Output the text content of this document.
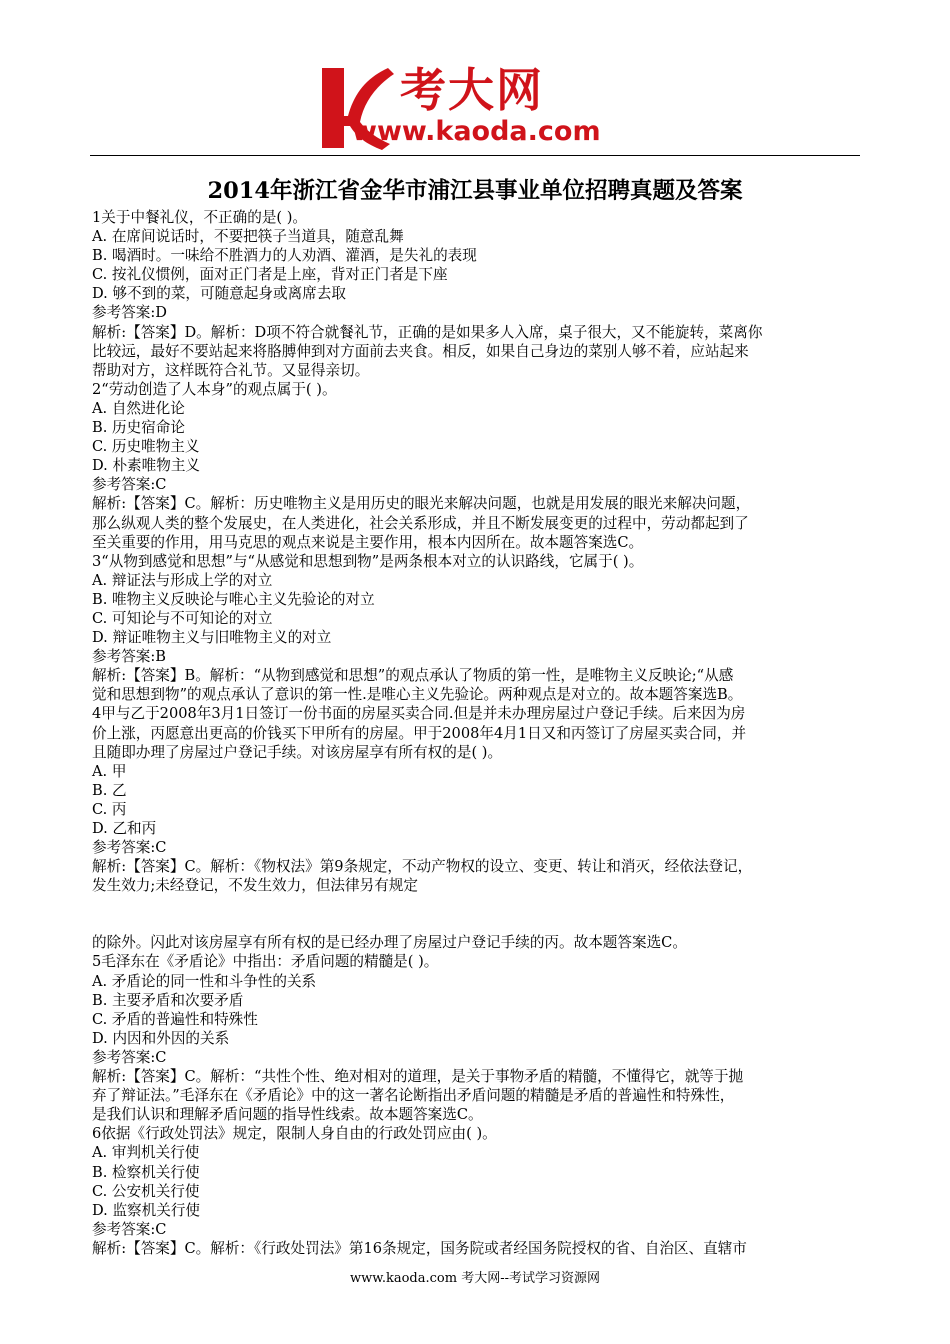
考大网
www.kaoda.com
2014年浙江省金华市浦江县事业单位招聘真题及答案

1关于中餐礼仪，不正确的是( )。

A. 在席间说话时，不要把筷子当道具，随意乱舞

B. 喝酒时。一味给不胜酒力的人劝酒、灌酒，是失礼的表现

C. 按礼仪惯例，面对正门者是上座，背对正门者是下座

D. 够不到的菜，可随意起身或离席去取

参考答案:D

解析:【答案】D。解析：D项不符合就餐礼节，正确的是如果多人入席，桌子很大，又不能旋转，菜离你

比较远，最好不要站起来将胳膊伸到对方面前去夹食。相反，如果自己身边的菜别人够不着，应站起来

帮助对方，这样既符合礼节。又显得亲切。

2“劳动创造了人本身”的观点属于( )。

A. 自然进化论

B. 历史宿命论

C. 历史唯物主义

D. 朴素唯物主义

参考答案:C

解析:【答案】C。解析：历史唯物主义是用历史的眼光来解决问题，也就是用发展的眼光来解决问题，

那么纵观人类的整个发展史，在人类进化，社会关系形成，并且不断发展变更的过程中，劳动都起到了

至关重要的作用，用马克思的观点来说是主要作用，根本内因所在。故本题答案选C。

3“从物到感觉和思想”与“从感觉和思想到物”是两条根本对立的认识路线，它属于( )。

A. 辩证法与形成上学的对立

B. 唯物主义反映论与唯心主义先验论的对立

C. 可知论与不可知论的对立

D. 辩证唯物主义与旧唯物主义的对立

参考答案:B

解析:【答案】B。解析：“从物到感觉和思想”的观点承认了物质的第一性，是唯物主义反映论;“从感

觉和思想到物”的观点承认了意识的第一性.是唯心主义先验论。两种观点是对立的。故本题答案选B。

4甲与乙于2008年3月1日签订一份书面的房屋买卖合同.但是并未办理房屋过户登记手续。后来因为房

价上涨，丙愿意出更高的价钱买下甲所有的房屋。甲于2008年4月1日又和丙签订了房屋买卖合同，并

且随即办理了房屋过户登记手续。对该房屋享有所有权的是( )。

A. 甲

B. 乙

C. 丙

D. 乙和丙

参考答案:C

解析:【答案】C。解析：《物权法》第9条规定，不动产物权的设立、变更、转让和消灭，经依法登记，

发生效力;未经登记，不发生效力，但法律另有规定

的除外。闪此对该房屋享有所有权的是已经办理了房屋过户登记手续的丙。故本题答案选C。

5毛泽东在《矛盾论》中指出：矛盾问题的精髓是( )。

A. 矛盾论的同一性和斗争性的关系

B. 主要矛盾和次要矛盾

C. 矛盾的普遍性和特殊性

D. 内因和外因的关系

参考答案:C

解析:【答案】C。解析：“共性个性、绝对相对的道理，是关于事物矛盾的精髓，不懂得它，就等于抛

弃了辩证法。”毛泽东在《矛盾论》中的这一著名论断指出矛盾问题的精髓是矛盾的普遍性和特殊性，

是我们认识和理解矛盾问题的指导性线索。故本题答案选C。

6依据《行政处罚法》规定，限制人身自由的行政处罚应由( )。

A. 审判机关行使

B. 检察机关行使

C. 公安机关行使

D. 监察机关行使

参考答案:C

解析:【答案】C。解析：《行政处罚法》第16条规定，国务院或者经国务院授权的省、自治区、直辖市

www.kaoda.com 考大网--考试学习资源网
